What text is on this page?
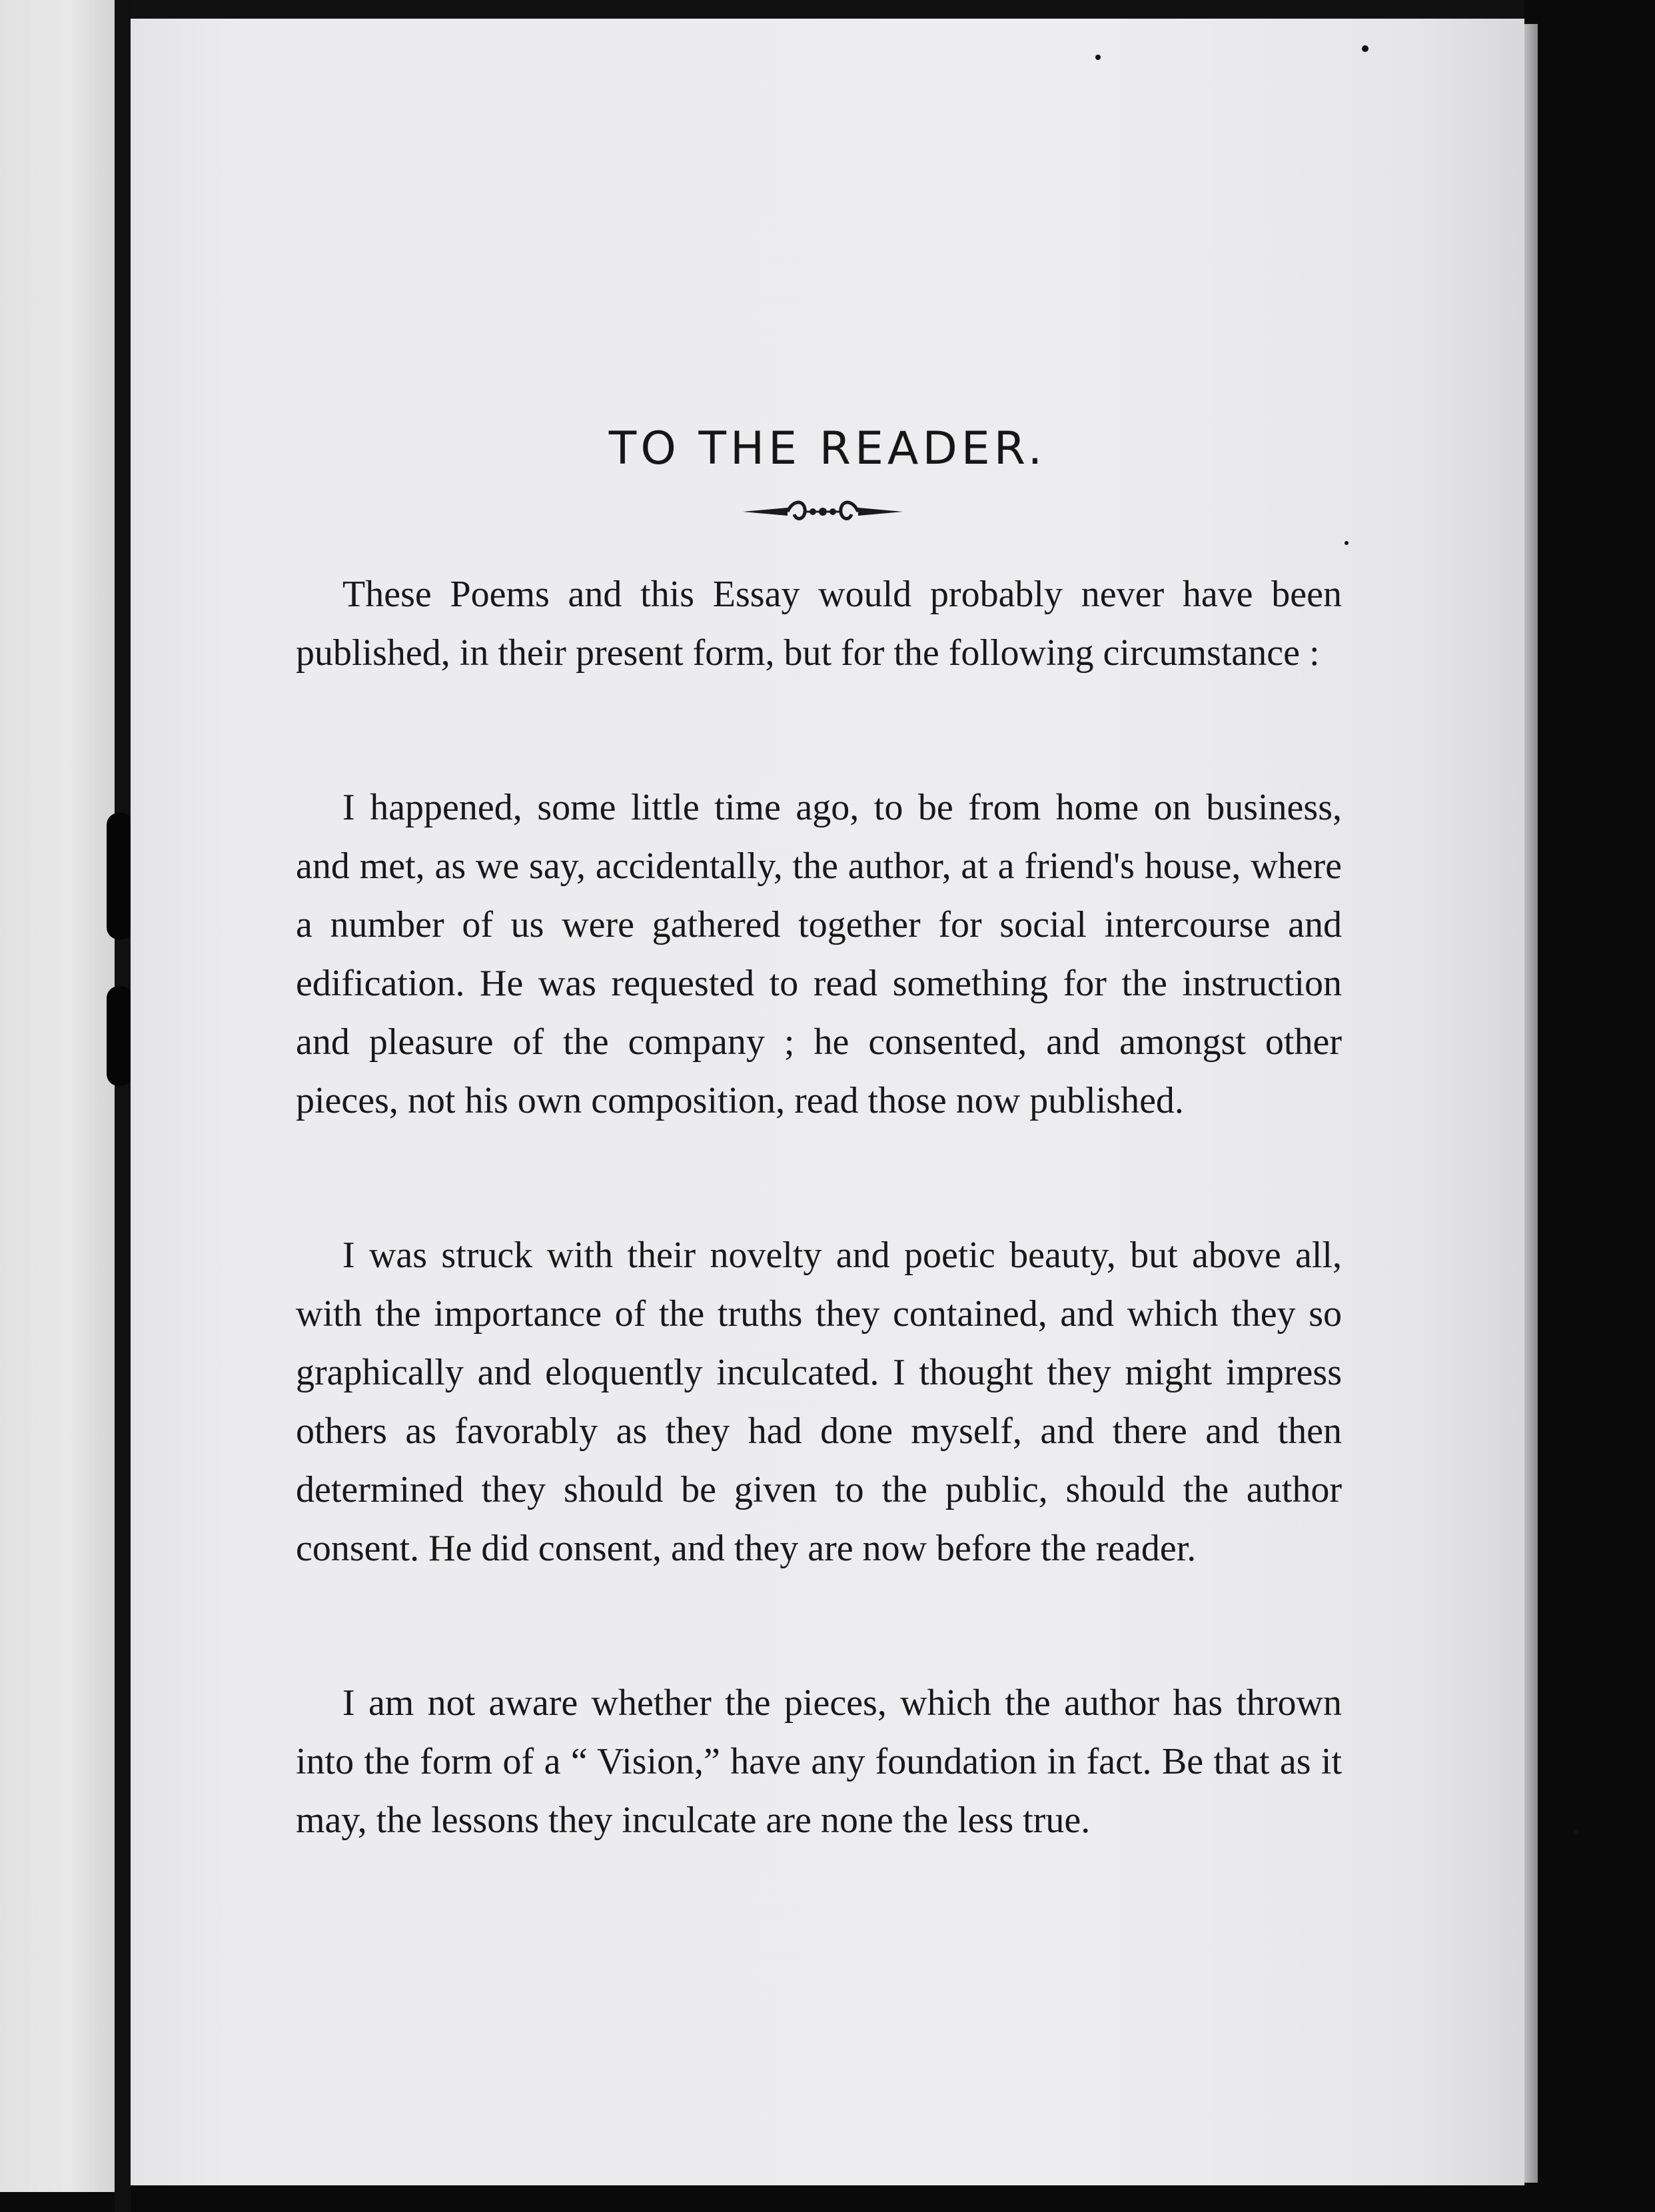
TO THE READER.

These Poems and this Essay would probably never have been published, in their present form, but for the following circumstance :

I happened, some little time ago, to be from home on business, and met, as we say, accidentally, the author, at a friend's house, where a number of us were gathered together for social intercourse and edification. He was requested to read something for the instruction and pleasure of the company ; he consented, and amongst other pieces, not his own composition, read those now published.

I was struck with their novelty and poetic beauty, but above all, with the importance of the truths they contained, and which they so graphically and eloquently inculcated. I thought they might impress others as favorably as they had done myself, and there and then determined they should be given to the public, should the author consent. He did consent, and they are now before the reader.

I am not aware whether the pieces, which the author has thrown into the form of a “ Vision,” have any foundation in fact. Be that as it may, the lessons they inculcate are none the less true.
